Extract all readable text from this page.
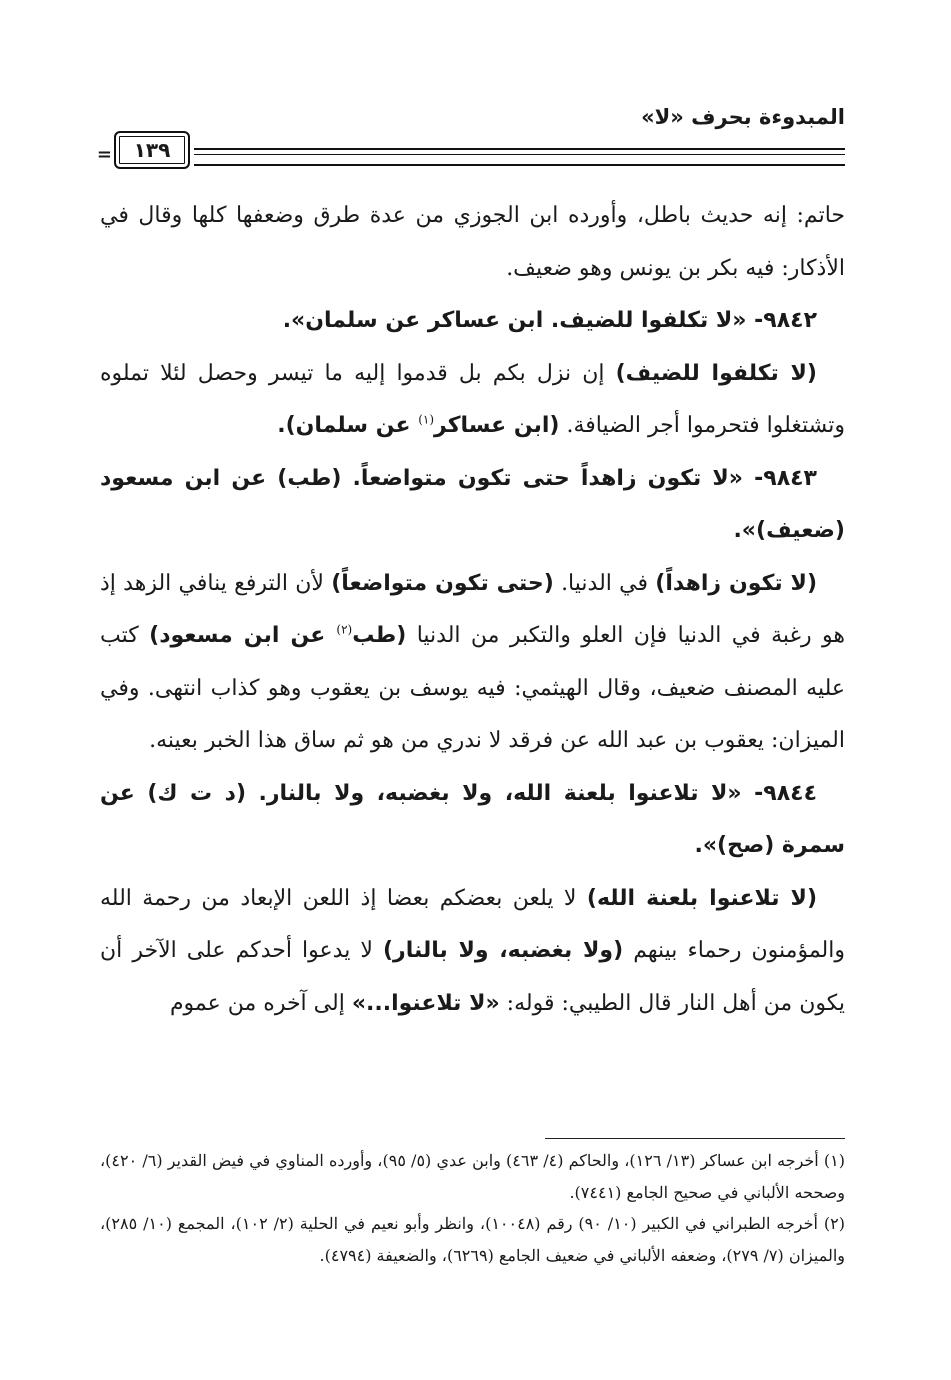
المبدوءة بحرف «لا»
١٣٩
=

حاتم: إنه حديث باطل، وأورده ابن الجوزي من عدة طرق وضعفها كلها وقال في الأذكار: فيه بكر بن يونس وهو ضعيف.

٩٨٤٢- «لا تكلفوا للضيف. ابن عساكر عن سلمان».

(لا تكلفوا للضيف) إن نزل بكم بل قدموا إليه ما تيسر وحصل لئلا تملوه وتشتغلوا فتحرموا أجر الضيافة. (ابن عساكر$^{(١)}$ عن سلمان).

٩٨٤٣- «لا تكون زاهداً حتى تكون متواضعاً. (طب) عن ابن مسعود (ضعيف)».

(لا تكون زاهداً) في الدنيا. (حتى تكون متواضعاً) لأن الترفع ينافي الزهد إذ هو رغبة في الدنيا فإن العلو والتكبر من الدنيا (طب$^{(٢)}$ عن ابن مسعود) كتب عليه المصنف ضعيف، وقال الهيثمي: فيه يوسف بن يعقوب وهو كذاب انتهى. وفي الميزان: يعقوب بن عبد الله عن فرقد لا ندري من هو ثم ساق هذا الخبر بعينه.

٩٨٤٤- «لا تلاعنوا بلعنة الله، ولا بغضبه، ولا بالنار. (د ت ك) عن سمرة (صح)».

(لا تلاعنوا بلعنة الله) لا يلعن بعضكم بعضا إذ اللعن الإبعاد من رحمة الله والمؤمنون رحماء بينهم (ولا بغضبه، ولا بالنار) لا يدعوا أحدكم على الآخر أن يكون من أهل النار قال الطيبي: قوله: «لا تلاعنوا...» إلى آخره من عموم

(١) أخرجه ابن عساكر (١٣/ ١٢٦)، والحاكم (٤/ ٤٦٣) وابن عدي (٥/ ٩٥)، وأورده المناوي في فيض القدير (٦/ ٤٢٠)، وصححه الألباني في صحيح الجامع (٧٤٤١).

(٢) أخرجه الطبراني في الكبير (١٠/ ٩٠) رقم (١٠٠٤٨)، وانظر وأبو نعيم في الحلية (٢/ ١٠٢)، المجمع (١٠/ ٢٨٥)، والميزان (٧/ ٢٧٩)، وضعفه الألباني في ضعيف الجامع (٦٢٦٩)، والضعيفة (٤٧٩٤).
